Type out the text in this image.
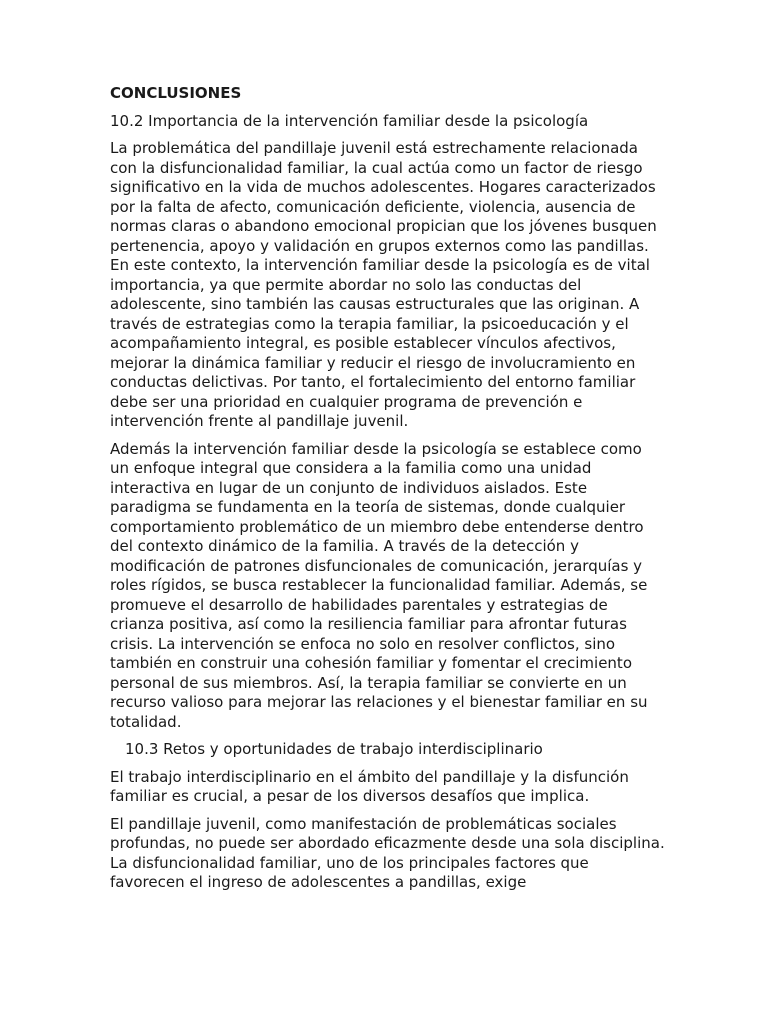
CONCLUSIONES

10.2 Importancia de la intervención familiar desde la psicología

La problemática del pandillaje juvenil está estrechamente relacionada con la disfuncionalidad familiar, la cual actúa como un factor de riesgo significativo en la vida de muchos adolescentes. Hogares caracterizados por la falta de afecto, comunicación deficiente, violencia, ausencia de normas claras o abandono emocional propician que los jóvenes busquen pertenencia, apoyo y validación en grupos externos como las pandillas. En este contexto, la intervención familiar desde la psicología es de vital importancia, ya que permite abordar no solo las conductas del adolescente, sino también las causas estructurales que las originan. A través de estrategias como la terapia familiar, la psicoeducación y el acompañamiento integral, es posible establecer vínculos afectivos, mejorar la dinámica familiar y reducir el riesgo de involucramiento en conductas delictivas. Por tanto, el fortalecimiento del entorno familiar debe ser una prioridad en cualquier programa de prevención e intervención frente al pandillaje juvenil.

Además la intervención familiar desde la psicología se establece como un enfoque integral que considera a la familia como una unidad interactiva en lugar de un conjunto de individuos aislados. Este paradigma se fundamenta en la teoría de sistemas, donde cualquier comportamiento problemático de un miembro debe entenderse dentro del contexto dinámico de la familia. A través de la detección y modificación de patrones disfuncionales de comunicación, jerarquías y roles rígidos, se busca restablecer la funcionalidad familiar. Además, se promueve el desarrollo de habilidades parentales y estrategias de crianza positiva, así como la resiliencia familiar para afrontar futuras crisis. La intervención se enfoca no solo en resolver conflictos, sino también en construir una cohesión familiar y fomentar el crecimiento personal de sus miembros. Así, la terapia familiar se convierte en un recurso valioso para mejorar las relaciones y el bienestar familiar en su totalidad.

10.3 Retos y oportunidades de trabajo interdisciplinario

El trabajo interdisciplinario en el ámbito del pandillaje y la disfunción familiar es crucial, a pesar de los diversos desafíos que implica.

El pandillaje juvenil, como manifestación de problemáticas sociales profundas, no puede ser abordado eficazmente desde una sola disciplina. La disfuncionalidad familiar, uno de los principales factores que favorecen el ingreso de adolescentes a pandillas, exige
